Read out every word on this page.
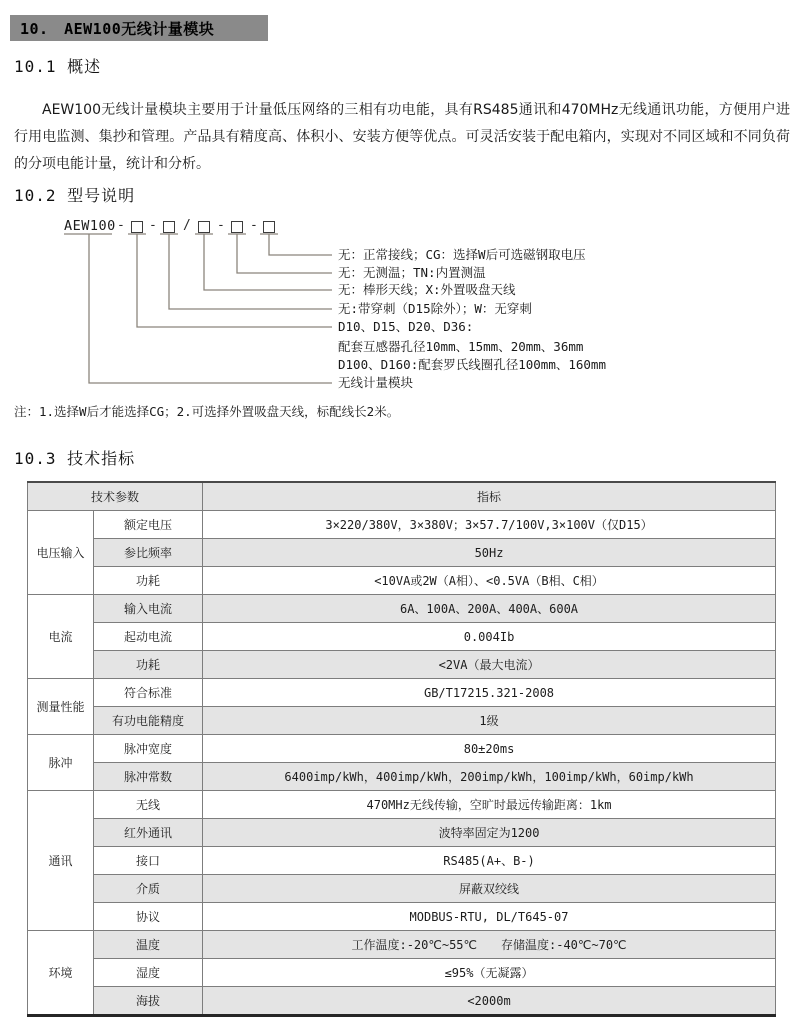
10.　AEW100无线计量模块
10.1 概述

AEW100无线计量模块主要用于计量低压网络的三相有功电能，具有RS485通讯和470MHz无线通讯功能，方便用户进行用电监测、集抄和管理。产品具有精度高、体积小、安装方便等优点。可灵活安装于配电箱内，实现对不同区域和不同负荷的分项电能计量，统计和分析。

10.2 型号说明
AEW100 - - / - -
无：正常接线；CG：选择W后可选磁钢取电压
无：无测温；TN:内置测温
无：棒形天线；X:外置吸盘天线
无:带穿刺（D15除外）；W：无穿刺
D10、D15、D20、D36:
配套互感器孔径10mm、15mm、20mm、36mm
D100、D160:配套罗氏线圈孔径100mm、160mm
无线计量模块
注：1.选择W后才能选择CG；2.可选择外置吸盘天线，标配线长2米。
10.3 技术指标
技术参数		指标
电压输入	额定电压	3×220/380V，3×380V；3×57.7/100V,3×100V（仅D15）
	参比频率	50Hz
	功耗	<10VA或2W（A相）、<0.5VA（B相、C相）
电流	输入电流	6A、100A、200A、400A、600A
	起动电流	0.004Ib
	功耗	<2VA（最大电流）
测量性能	符合标准	GB/T17215.321-2008
	有功电能精度	1级
脉冲	脉冲宽度	80±20ms
	脉冲常数	6400imp/kWh，400imp/kWh，200imp/kWh，100imp/kWh，60imp/kWh
通讯	无线	470MHz无线传输，空旷时最远传输距离：1km
	红外通讯	波特率固定为1200
	接口	RS485(A+、B-)
	介质	屏蔽双绞线
	协议	MODBUS-RTU, DL/T645-07
环境	温度	工作温度:-20℃~55℃　　存储温度:-40℃~70℃
	湿度	≤95%（无凝露）
	海拔	<2000m
